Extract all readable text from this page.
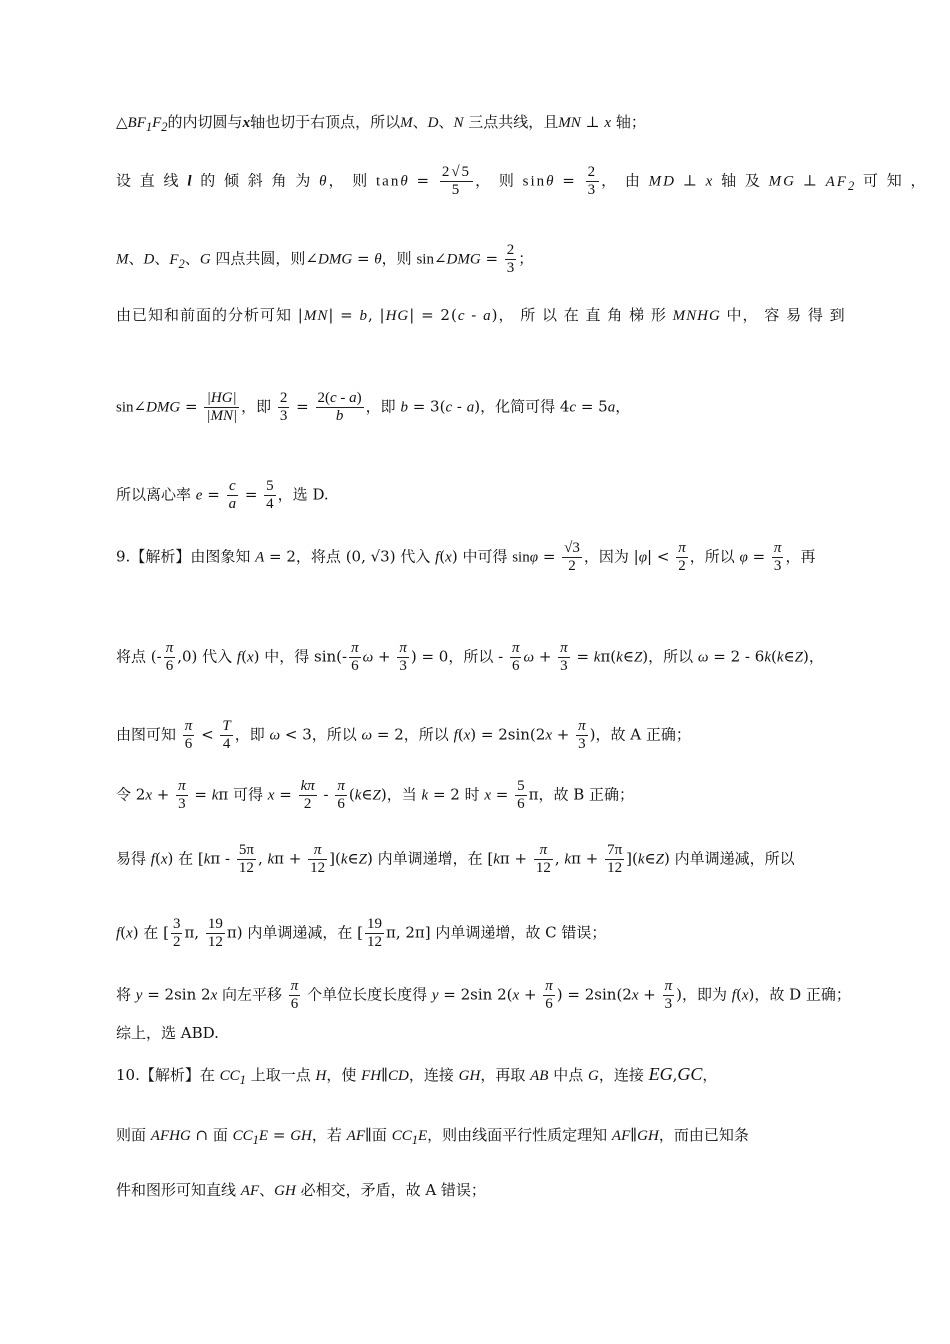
$\triangle BF_1F_2$的内切圆与x轴也切于右顶点，所以M、D、N 三点共线，且MN ⊥ x 轴；
设 直 线 l 的 倾 斜 角 为 θ， 则 $\tan\theta = \frac{2√5}{5}$ ， 则 $\sin\theta = \frac{2}{3}$ ， 由 MD ⊥ x 轴 及 MG ⊥ $AF_2$ 可 知 ，
M、D、$F_2$、G 四点共圆，则∠DMG = θ，则 sin∠DMG = $\frac{2}{3}$ ；
由已知和前面的分析可知 |MN| = b, |HG| = 2(c - a)， 所 以 在 直 角 梯 形 MNHG 中， 容 易 得 到
sin∠DMG = $\frac{|HG|}{|MN|}$ ，即 $\frac{2}{3} = \frac{2(c - a)}{b}$ ，即 b = 3(c - a)，化简可得 4c = 5a，
所以离心率 $e = \frac{c}{a} = \frac{5}{4}$ ，选 D.
9.【解析】由图象知 A = 2，将点 (0, √3) 代入 f(x) 中可得 $\sin\varphi = \frac{√3}{2}$ ，因为 $|\varphi| < \frac{\pi}{2}$ ，所以 $\varphi = \frac{\pi}{3}$ ，再
将点 (- $\frac{\pi}{6} ,0$) 代入 f(x) 中，得 $\sin(- \frac{\pi}{6}$ $\omega + \frac{\pi}{3}$ ) = 0，所以 - $\frac{\pi}{6}$ $\omega + \frac{\pi}{3}$ = kπ(k∈Z)，所以 ω = 2 - 6k(k∈Z)，
由图可知 $\frac{\pi}{6} < \frac{T}{4}$ ，即 ω < 3，所以 ω = 2，所以 $f(x) = 2\sin(2x + \frac{\pi}{3}$ )，故 A 正确；
令 $2x + \frac{\pi}{3} = k\pi$ 可得 $x = \frac{k\pi}{2} - \frac{\pi}{6}$ (k∈Z)，当 k = 2 时 $x = \frac{5}{6}$ π，故 B 正确；
易得 f(x) 在 [$k\pi - \frac{5\pi}{12}$ , $k\pi + \frac{\pi}{12}$ ](k∈Z) 内单调递增，在 [$k\pi + \frac{\pi}{12}$ , $k\pi + \frac{7\pi}{12}$ ](k∈Z) 内单调递减，所以
f(x) 在 [ $\frac{3}{2} \pi$, $\frac{19}{12} \pi$) 内单调递减，在 [ $\frac{19}{12} \pi$, 2π] 内单调递增，故 C 错误；
将 y = 2sin 2x 向左平移 $\frac{\pi}{6}$ 个单位长度长度得 y = 2sin $2(x + \frac{\pi}{6}$ ) = $2\sin(2x + \frac{\pi}{3}$ )，即为 f(x)，故 D 正确；
综上，选 ABD.
10.【解析】在 $CC_1$ 上取一点 H，使 FH∥CD，连接 GH，再取 AB 中点 G，连接 EG,GC，
则面 AFHG ∩ 面 $CC_1E$ = GH，若 AF∥面 $CC_1E$，则由线面平行性质定理知 AF∥GH，而由已知条
件和图形可知直线 AF、GH 必相交，矛盾，故 A 错误；
